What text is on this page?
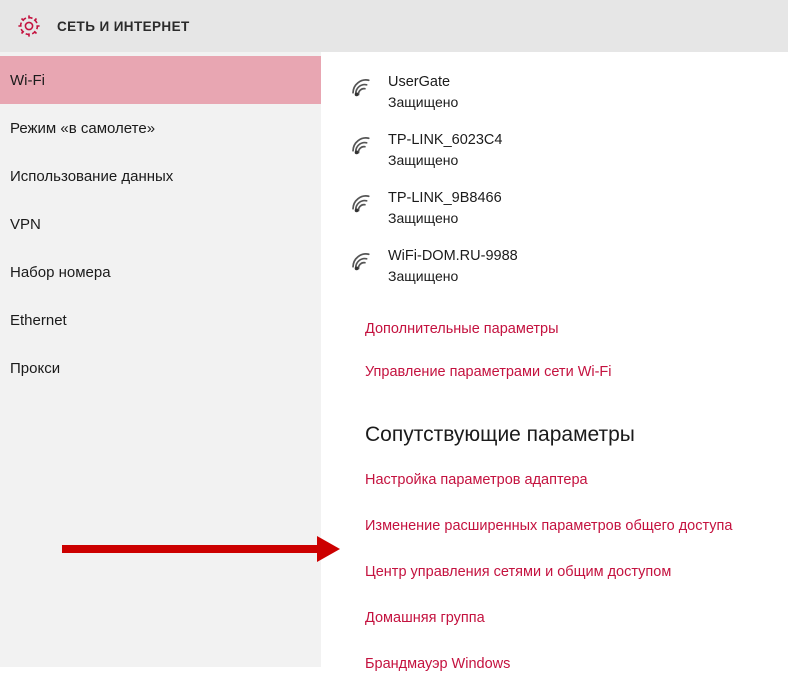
СЕТЬ И ИНТЕРНЕТ
Wi-Fi
Режим «в самолете»
Использование данных
VPN
Набор номера
Ethernet
Прокси
UserGate
Защищено
TP-LINK_6023C4
Защищено
TP-LINK_9B8466
Защищено
WiFi-DOM.RU-9988
Защищено
Дополнительные параметры
Управление параметрами сети Wi-Fi
Сопутствующие параметры
Настройка параметров адаптера
Изменение расширенных параметров общего доступа
Центр управления сетями и общим доступом
Домашняя группа
Брандмауэр Windows
